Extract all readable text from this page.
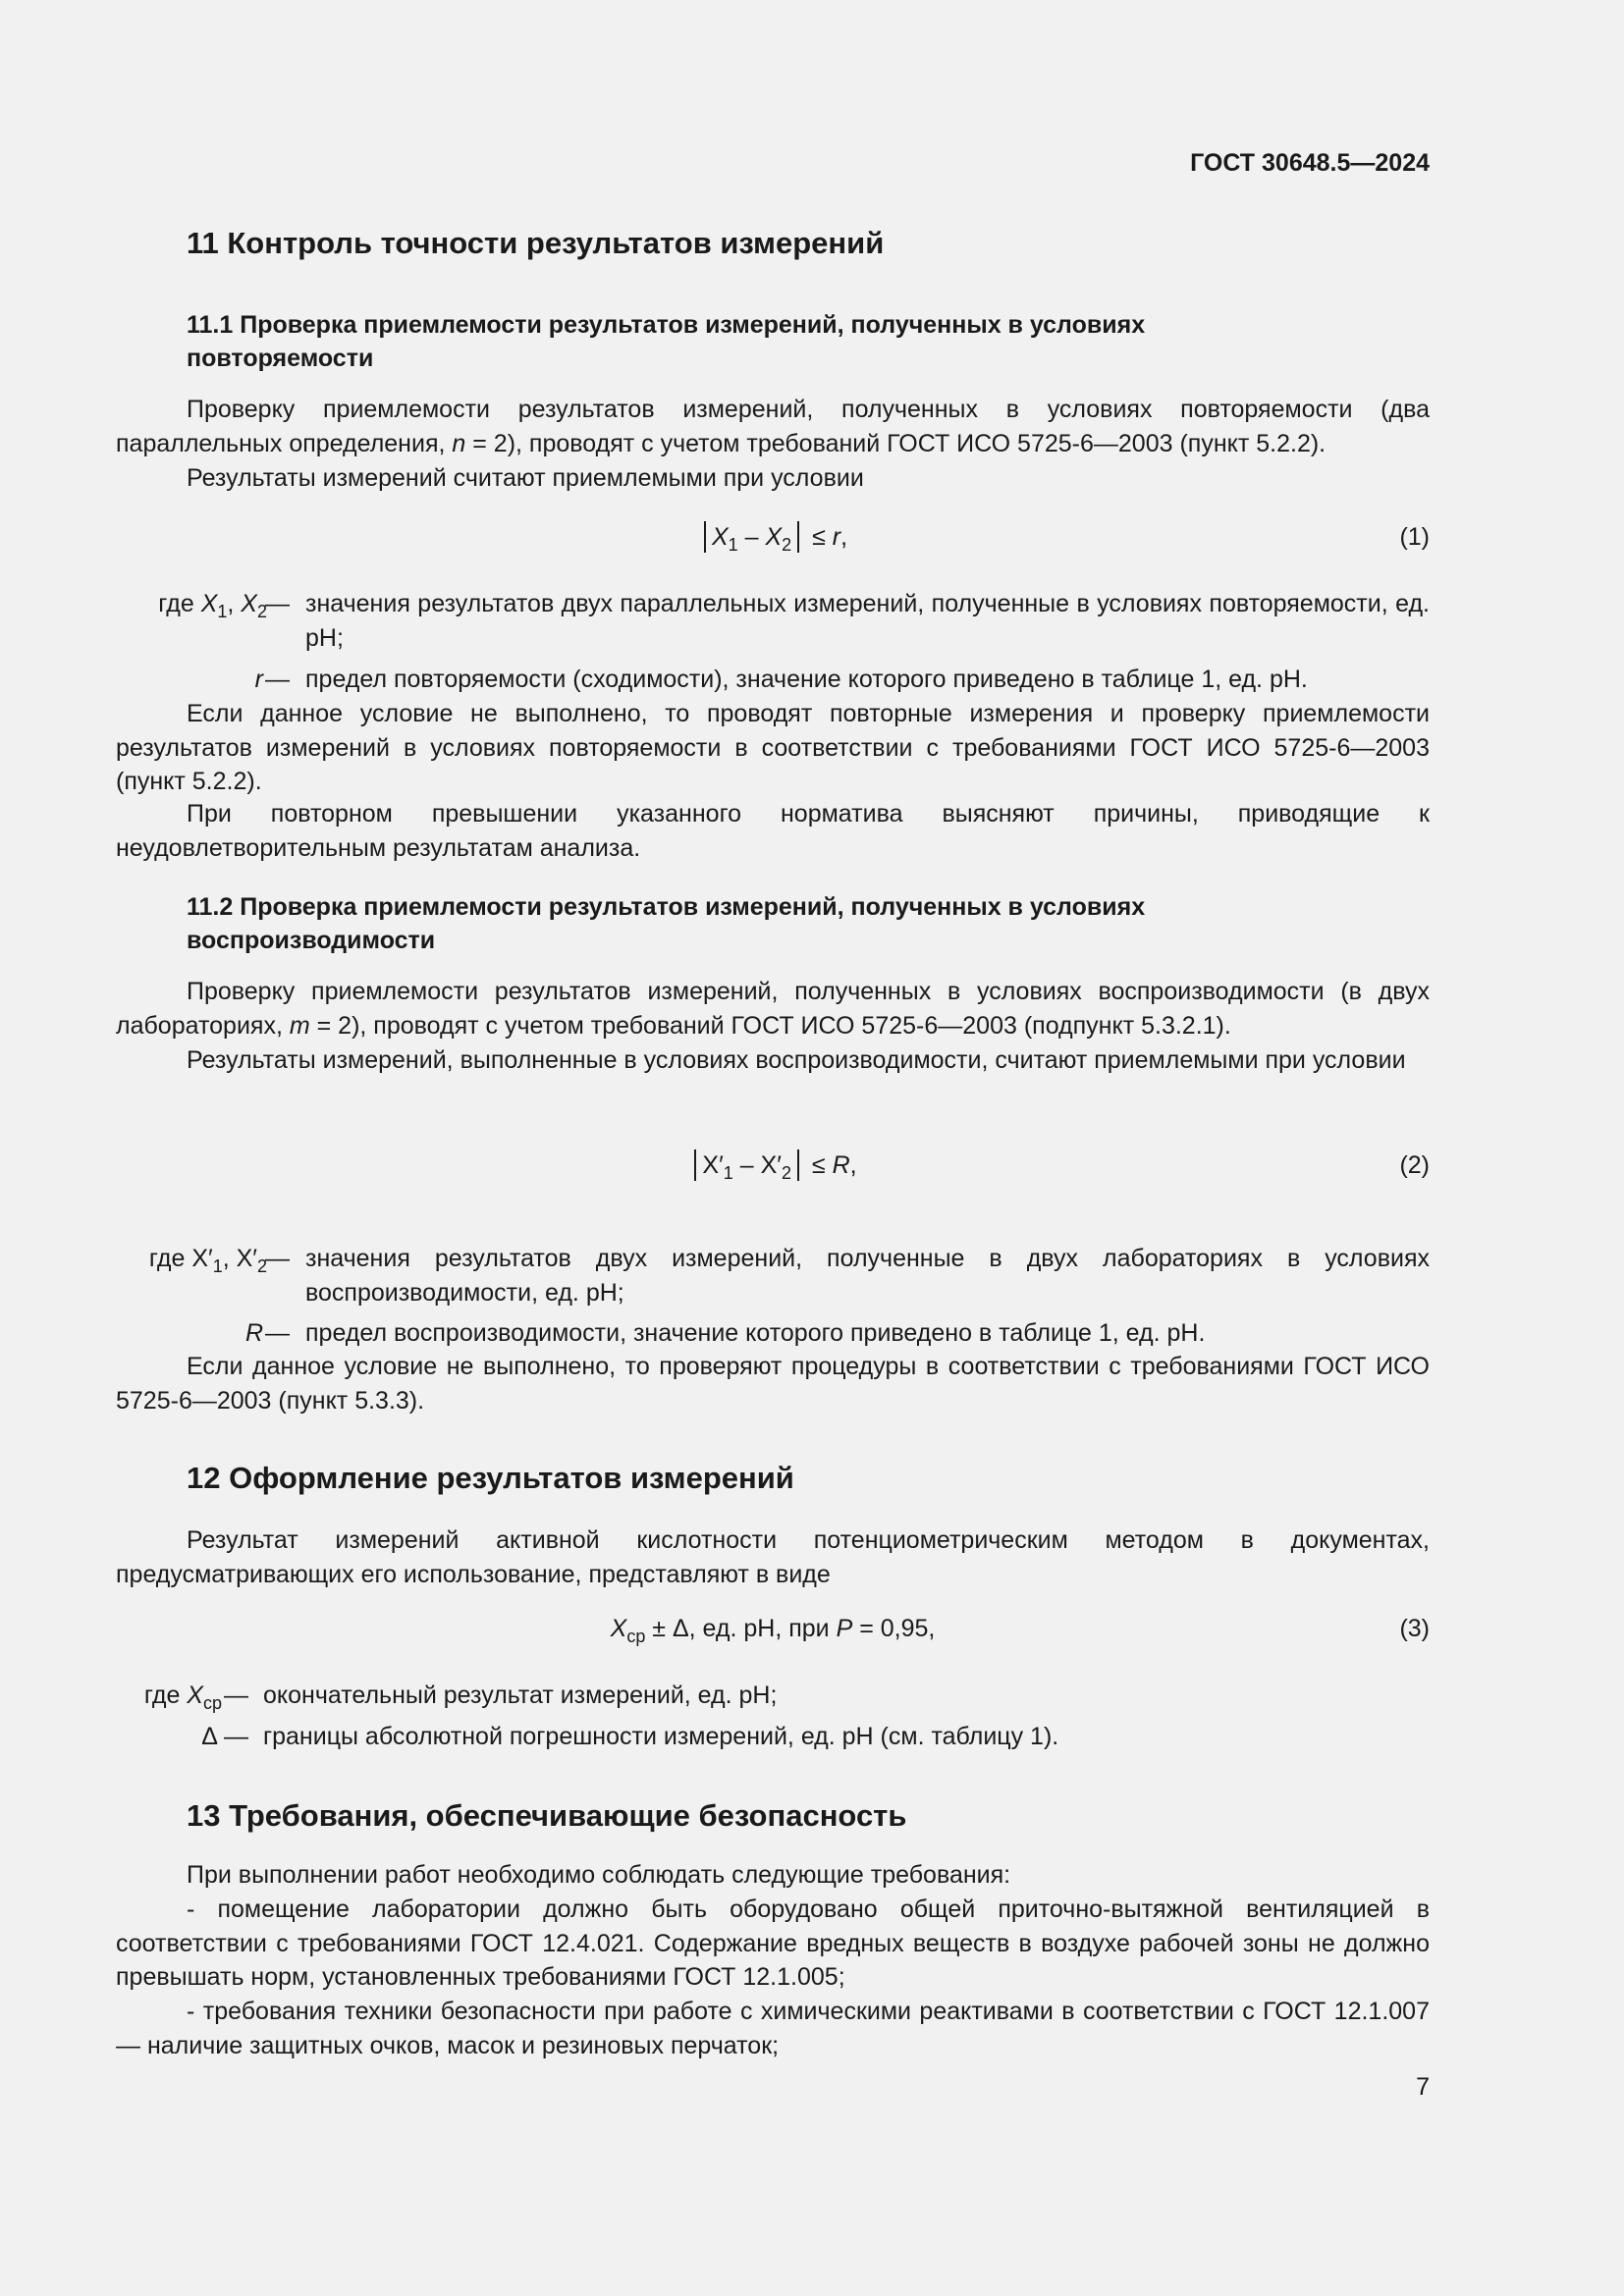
ГОСТ 30648.5—2024
11 Контроль точности результатов измерений
11.1 Проверка приемлемости результатов измерений, полученных в условиях
повторяемости
Проверку приемлемости результатов измерений, полученных в условиях повторяемости (два параллельных определения, n = 2), проводят с учетом требований ГОСТ ИСО 5725-6—2003 (пункт 5.2.2).
Результаты измерений считают приемлемыми при условии
$X_1 - X_2 \le r$,	(1)
где $X_1$, $X_2$
— значения результатов двух параллельных измерений, полученные в условиях повторяемости, ед. рН;
r — предел повторяемости (сходимости), значение которого приведено в таблице 1, ед. рН.
Если данное условие не выполнено, то проводят повторные измерения и проверку приемлемости результатов измерений в условиях повторяемости в соответствии с требованиями ГОСТ ИСО 5725-6—2003 (пункт 5.2.2).
При повторном превышении указанного норматива выясняют причины, приводящие к неудовлетворительным результатам анализа.
11.2 Проверка приемлемости результатов измерений, полученных в условиях
воспроизводимости
Проверку приемлемости результатов измерений, полученных в условиях воспроизводимости (в двух лабораториях, m = 2), проводят с учетом требований ГОСТ ИСО 5725-6—2003 (подпункт 5.3.2.1).
Результаты измерений, выполненные в условиях воспроизводимости, считают приемлемыми при условии
$X'_1 - X'_2 \le R$,	(2)
где $X'_1$, $X'_2$
— значения результатов двух измерений, полученные в двух лабораториях в условиях воспроизводимости, ед. рН;
R — предел воспроизводимости, значение которого приведено в таблице 1, ед. рН.
Если данное условие не выполнено, то проверяют процедуры в соответствии с требованиями ГОСТ ИСО 5725-6—2003 (пункт 5.3.3).
12 Оформление результатов измерений
Результат измерений активной кислотности потенциометрическим методом в документах, предусматривающих его использование, представляют в виде
$X_{ср} \pm \Delta$, ед. рН, при P = 0,95,	(3)
где $X_{ср}$ — окончательный результат измерений, ед. рН;
Δ — границы абсолютной погрешности измерений, ед. рН (см. таблицу 1).
13 Требования, обеспечивающие безопасность
При выполнении работ необходимо соблюдать следующие требования:
- помещение лаборатории должно быть оборудовано общей приточно-вытяжной вентиляцией в соответствии с требованиями ГОСТ 12.4.021. Содержание вредных веществ в воздухе рабочей зоны не должно превышать норм, установленных требованиями ГОСТ 12.1.005;
- требования техники безопасности при работе с химическими реактивами в соответствии с ГОСТ 12.1.007 — наличие защитных очков, масок и резиновых перчаток;
7
